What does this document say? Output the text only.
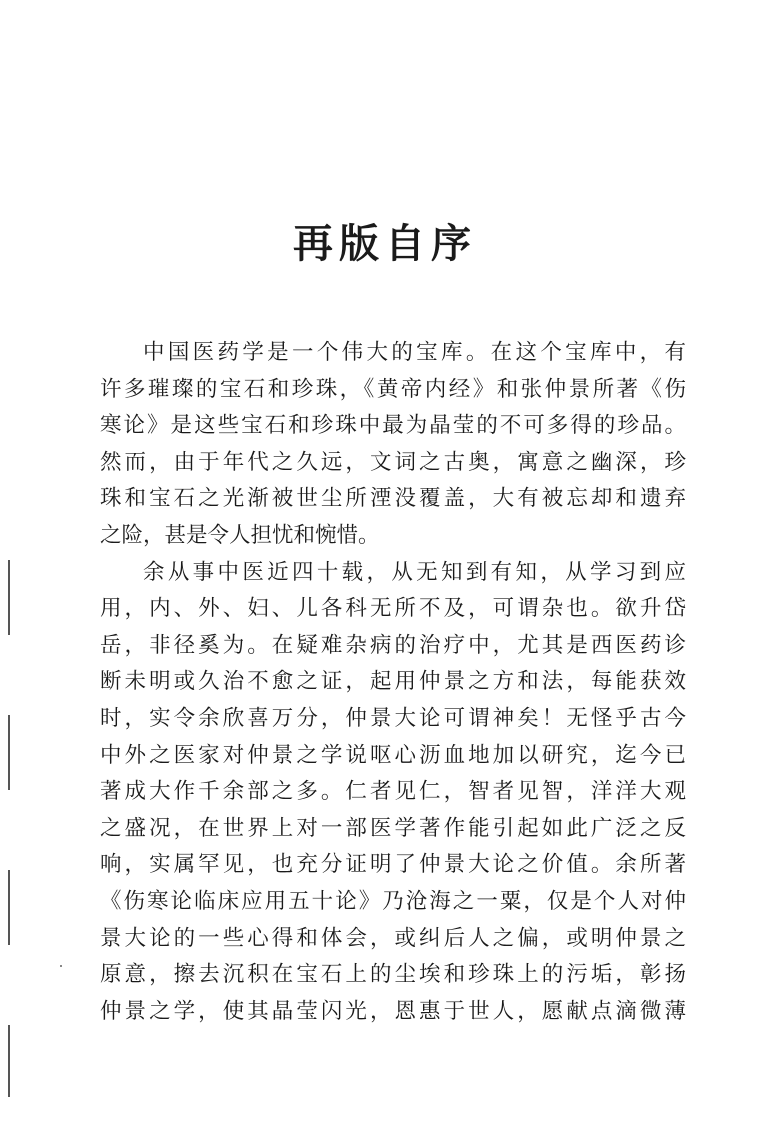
再版自序
中国医药学是一个伟大的宝库。在这个宝库中，有
许多璀璨的宝石和珍珠，《黄帝内经》和张仲景所著《伤
寒论》是这些宝石和珍珠中最为晶莹的不可多得的珍品。
然而，由于年代之久远，文词之古奥，寓意之幽深，珍
珠和宝石之光渐被世尘所湮没覆盖，大有被忘却和遗弃
之险，甚是令人担忧和惋惜。
余从事中医近四十载，从无知到有知，从学习到应
用，内、外、妇、儿各科无所不及，可谓杂也。欲升岱
岳，非径奚为。在疑难杂病的治疗中，尤其是西医药诊
断未明或久治不愈之证，起用仲景之方和法，每能获效
时，实令余欣喜万分，仲景大论可谓神矣！无怪乎古今
中外之医家对仲景之学说呕心沥血地加以研究，迄今已
著成大作千余部之多。仁者见仁，智者见智，洋洋大观
之盛况，在世界上对一部医学著作能引起如此广泛之反
响，实属罕见，也充分证明了仲景大论之价值。余所著
《伤寒论临床应用五十论》乃沧海之一粟，仅是个人对仲
景大论的一些心得和体会，或纠后人之偏，或明仲景之
原意，擦去沉积在宝石上的尘埃和珍珠上的污垢，彰扬
仲景之学，使其晶莹闪光，恩惠于世人，愿献点滴微薄
